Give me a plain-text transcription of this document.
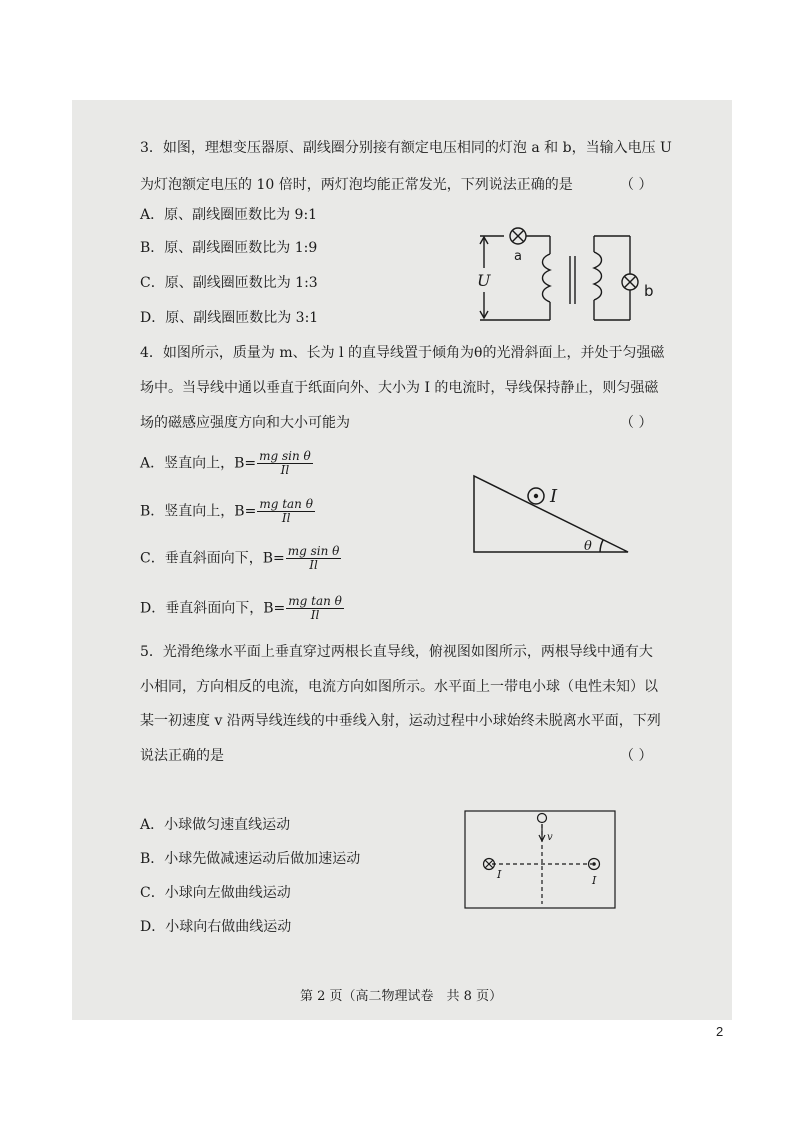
3．如图，理想变压器原、副线圈分别接有额定电压相同的灯泡 a 和 b，当输入电压 U
为灯泡额定电压的 10 倍时，两灯泡均能正常发光，下列说法正确的是	（ ）
A．原、副线圈匝数比为 9:1
B．原、副线圈匝数比为 1:9
C．原、副线圈匝数比为 1:3
D．原、副线圈匝数比为 3:1
U
a
b
4．如图所示，质量为 m、长为 l 的直导线置于倾角为θ的光滑斜面上，并处于匀强磁
场中。当导线中通以垂直于纸面向外、大小为 I 的电流时，导线保持静止，则匀强磁
场的磁感应强度方向和大小可能为	（ ）
A．竖直向上，$B= \frac{\text{mg sin θ}}{Il}$
B．竖直向上，$B= \frac{\text{mg tan θ}}{Il}$
C．垂直斜面向下，$B= \frac{\text{mg sin θ}}{Il}$
D．垂直斜面向下，$B= \frac{\text{mg tan θ}}{Il}$
I
θ
5．光滑绝缘水平面上垂直穿过两根长直导线，俯视图如图所示，两根导线中通有大
小相同，方向相反的电流，电流方向如图所示。水平面上一带电小球（电性未知）以
某一初速度 v 沿两导线连线的中垂线入射，运动过程中小球始终未脱离水平面，下列
说法正确的是	（ ）
A．小球做匀速直线运动
B．小球先做减速运动后做加速运动
C．小球向左做曲线运动
D．小球向右做曲线运动
v
I	I
第 2 页（高二物理试卷　共 8 页）
2
